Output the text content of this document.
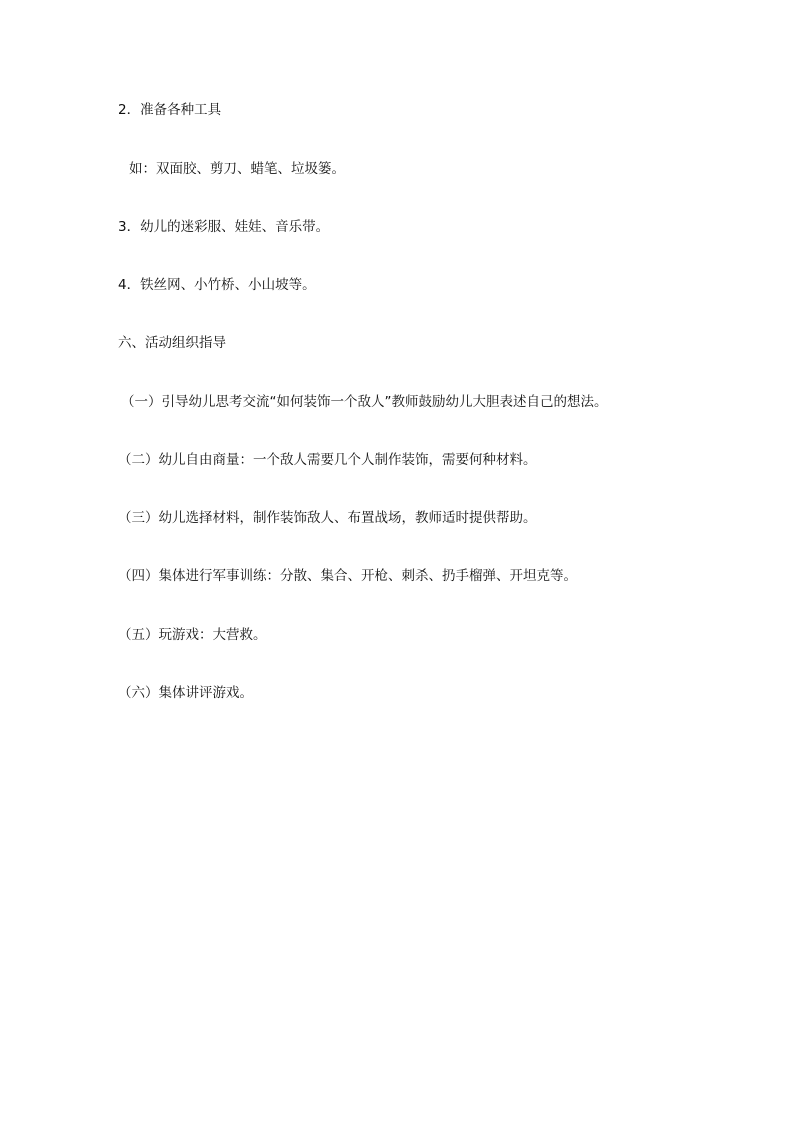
2．准备各种工具
如：双面胶、剪刀、蜡笔、垃圾篓。
3．幼儿的迷彩服、娃娃、音乐带。
4．铁丝网、小竹桥、小山坡等。
六、活动组织指导
（一）引导幼儿思考交流“如何装饰一个敌人”教师鼓励幼儿大胆表述自己的想法。
（二）幼儿自由商量：一个敌人需要几个人制作装饰，需要何种材料。
（三）幼儿选择材料，制作装饰敌人、布置战场，教师适时提供帮助。
（四）集体进行军事训练：分散、集合、开枪、刺杀、扔手榴弹、开坦克等。
（五）玩游戏：大营救。
（六）集体讲评游戏。
